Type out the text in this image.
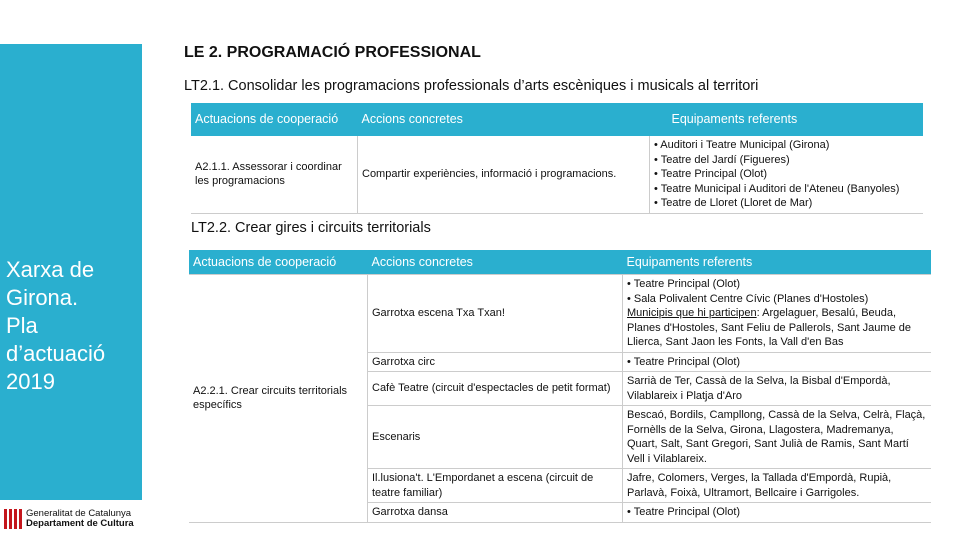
Xarxa de
Girona.
Pla
d’actuació
2019
Generalitat de Catalunya
Departament de Cultura
LE 2. PROGRAMACIÓ PROFESSIONAL
LT2.1. Consolidar les programacions professionals d’arts escèniques i musicals al territori
Actuacions de cooperació	Accions concretes	Equipaments referents
A2.1.1. Assessorar i coordinar les programacions	Compartir experiències, informació i programacions.	• Auditori i Teatre Municipal (Girona)
• Teatre del Jardí (Figueres)
• Teatre Principal (Olot)
• Teatre Municipal i Auditori de l'Ateneu (Banyoles)
• Teatre de Lloret (Lloret de Mar)
LT2.2. Crear gires i circuits territorials
Actuacions de cooperació	Accions concretes	Equipaments referents
A2.2.1. Crear circuits territorials específics	Garrotxa escena Txa Txan!	• Teatre Principal (Olot)
• Sala Polivalent Centre Cívic (Planes d'Hostoles)
Municipis que hi participen: Argelaguer, Besalú, Beuda, Planes d'Hostoles, Sant Feliu de Pallerols, Sant Jaume de Llierca, Sant Jaon les Fonts, la Vall d'en Bas
	Garrotxa circ	• Teatre Principal (Olot)
	Cafè Teatre (circuit d'espectacles de petit format)	Sarrià de Ter, Cassà de la Selva, la Bisbal d'Empordà, Vilablareix i Platja d'Aro
	Escenaris	Bescaó, Bordils, Campllong, Cassà de la Selva, Celrà, Flaçà, Fornèlls de la Selva, Girona, Llagostera, Madremanya, Quart, Salt, Sant Gregori, Sant Julià de Ramis, Sant Martí Vell i Vilablareix.
	Il.lusiona't. L'Empordanet a escena (circuit de teatre familiar)	Jafre, Colomers, Verges, la Tallada d'Empordà, Rupià, Parlavà, Foixà, Ultramort, Bellcaire i Garrigoles.
	Garrotxa dansa	• Teatre Principal (Olot)
